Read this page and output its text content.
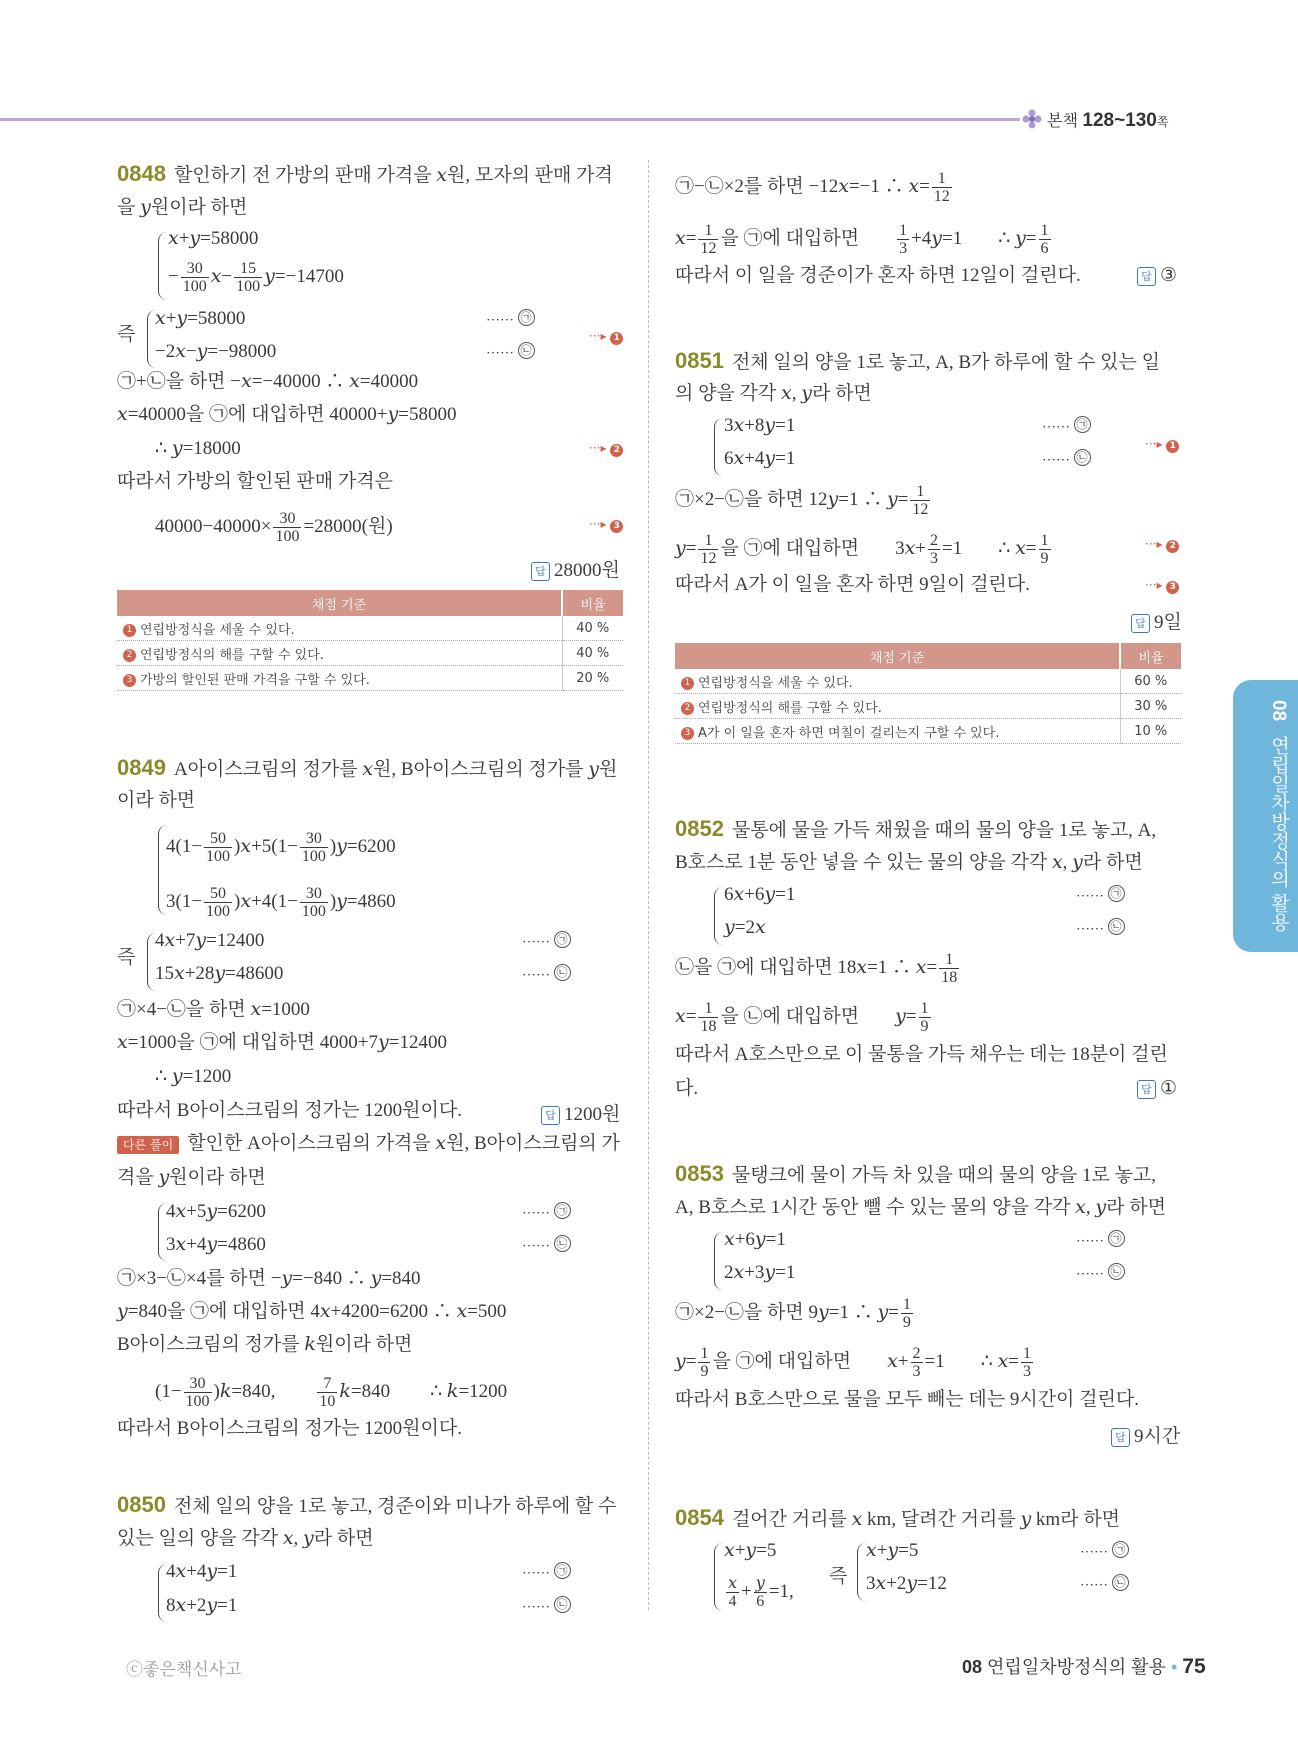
본책 128~130쪽
08 연립일차방정식의 활용
0848 할인하기 전 가방의 판매 가격을 𝑥원, 모자의 판매 가격
을 𝑦원이라 하면
𝑥+𝑦=58000
− $\frac{30}{100}$ 𝑥− $\frac{15}{100}$ 𝑦=−14700
즉
𝑥+𝑦=58000
−2𝑥−𝑦=−98000
…… ㉠
…… ㉡
···▸ 1
㉠+㉡을 하면 −𝑥=−40000 ∴ 𝑥=40000
𝑥=40000을 ㉠에 대입하면 40000+𝑦=58000
∴ 𝑦=18000	···▸ 2
따라서 가방의 할인된 판매 가격은
$40000-40000\times \frac{30}{100} =28000$(원)	···▸ 3
답 28000원
채점 기준	비율
1 연립방정식을 세울 수 있다.	40 %
2 연립방정식의 해를 구할 수 있다.	40 %
3 가방의 할인된 판매 가격을 구할 수 있다.	20 %
0849 A아이스크림의 정가를 𝑥원, B아이스크림의 정가를 𝑦원
이라 하면
$4(1- \frac{50}{100}$ )𝑥+5(1− $\frac{30}{100}$ )𝑦=6200
$3(1- \frac{50}{100}$ )𝑥+4(1− $\frac{30}{100}$ )𝑦=4860
즉
4𝑥+7𝑦=12400
15𝑥+28𝑦=48600
…… ㉠
…… ㉡
㉠×4−㉡을 하면 𝑥=1000
𝑥=1000을 ㉠에 대입하면 4000+7𝑦=12400
∴ 𝑦=1200
따라서 B아이스크림의 정가는 1200원이다.	답 1200원
다른 풀이 할인한 A아이스크림의 가격을 𝑥원, B아이스크림의 가
격을 𝑦원이라 하면
4𝑥+5𝑦=6200
3𝑥+4𝑦=4860
…… ㉠
…… ㉡
㉠×3−㉡×4를 하면 −𝑦=−840 ∴ 𝑦=840
𝑦=840을 ㉠에 대입하면 4𝑥+4200=6200 ∴ 𝑥=500
B아이스크림의 정가를 𝑘원이라 하면
($1- \frac{30}{100}$ )𝑘=840,	$\frac{7}{10}$ 𝑘=840 ∴ 𝑘=1200
따라서 B아이스크림의 정가는 1200원이다.
0850 전체 일의 양을 1로 놓고, 경준이와 미나가 하루에 할 수
있는 일의 양을 각각 𝑥, 𝑦라 하면
4𝑥+4𝑦=1
8𝑥+2𝑦=1
…… ㉠
…… ㉡
㉠−㉡×2를 하면 −12𝑥=−1 ∴ 𝑥= $\frac{1}{12}$
𝑥= $\frac{1}{12}$ 을 ㉠에 대입하면 $\frac{1}{3}$ +4𝑦=1 ∴ 𝑦= $\frac{1}{6}$
따라서 이 일을 경준이가 혼자 하면 12일이 걸린다.	답 ③
0851 전체 일의 양을 1로 놓고, A, B가 하루에 할 수 있는 일
의 양을 각각 𝑥, 𝑦라 하면
3𝑥+8𝑦=1
6𝑥+4𝑦=1
…… ㉠
…… ㉡
···▸ 1
㉠×2−㉡을 하면 12𝑦=1 ∴ 𝑦= $\frac{1}{12}$
𝑦= $\frac{1}{12}$ 을 ㉠에 대입하면 3𝑥+ $\frac{2}{3} =1$ ∴ 𝑥= $\frac{1}{9}$	···▸ 2
따라서 A가 이 일을 혼자 하면 9일이 걸린다.	···▸ 3
답 9일
채점 기준	비율
1 연립방정식을 세울 수 있다.	60 %
2 연립방정식의 해를 구할 수 있다.	30 %
3 A가 이 일을 혼자 하면 며칠이 걸리는지 구할 수 있다.	10 %
0852 물통에 물을 가득 채웠을 때의 물의 양을 1로 놓고, A,
B호스로 1분 동안 넣을 수 있는 물의 양을 각각 𝑥, 𝑦라 하면
6𝑥+6𝑦=1
𝑦=2𝑥
…… ㉠
…… ㉡
㉡을 ㉠에 대입하면 18𝑥=1 ∴ 𝑥= $\frac{1}{18}$
𝑥= $\frac{1}{18}$ 을 ㉡에 대입하면 𝑦= $\frac{1}{9}$
따라서 A호스만으로 이 물통을 가득 채우는 데는 18분이 걸린
다.	답 ①
0853 물탱크에 물이 가득 차 있을 때의 물의 양을 1로 놓고,
A, B호스로 1시간 동안 뺄 수 있는 물의 양을 각각 𝑥, 𝑦라 하면
𝑥+6𝑦=1
2𝑥+3𝑦=1
…… ㉠
…… ㉡
㉠×2−㉡을 하면 9𝑦=1 ∴ 𝑦= $\frac{1}{9}$
𝑦= $\frac{1}{9}$ 을 ㉠에 대입하면 𝑥+ $\frac{2}{3} =1$ ∴ 𝑥= $\frac{1}{3}$
따라서 B호스만으로 물을 모두 빼는 데는 9시간이 걸린다.
답 9시간
0854 걸어간 거리를 𝑥 km, 달려간 거리를 𝑦 km라 하면
𝑥+𝑦=5
$\frac{\text{𝑥}}{4} + \frac{\text{𝑦}}{6} =1$,
즉
𝑥+𝑦=5
3𝑥+2𝑦=12
…… ㉠
…… ㉡
ⓒ좋은책신사고	08 연립일차방정식의 활용 • 75
